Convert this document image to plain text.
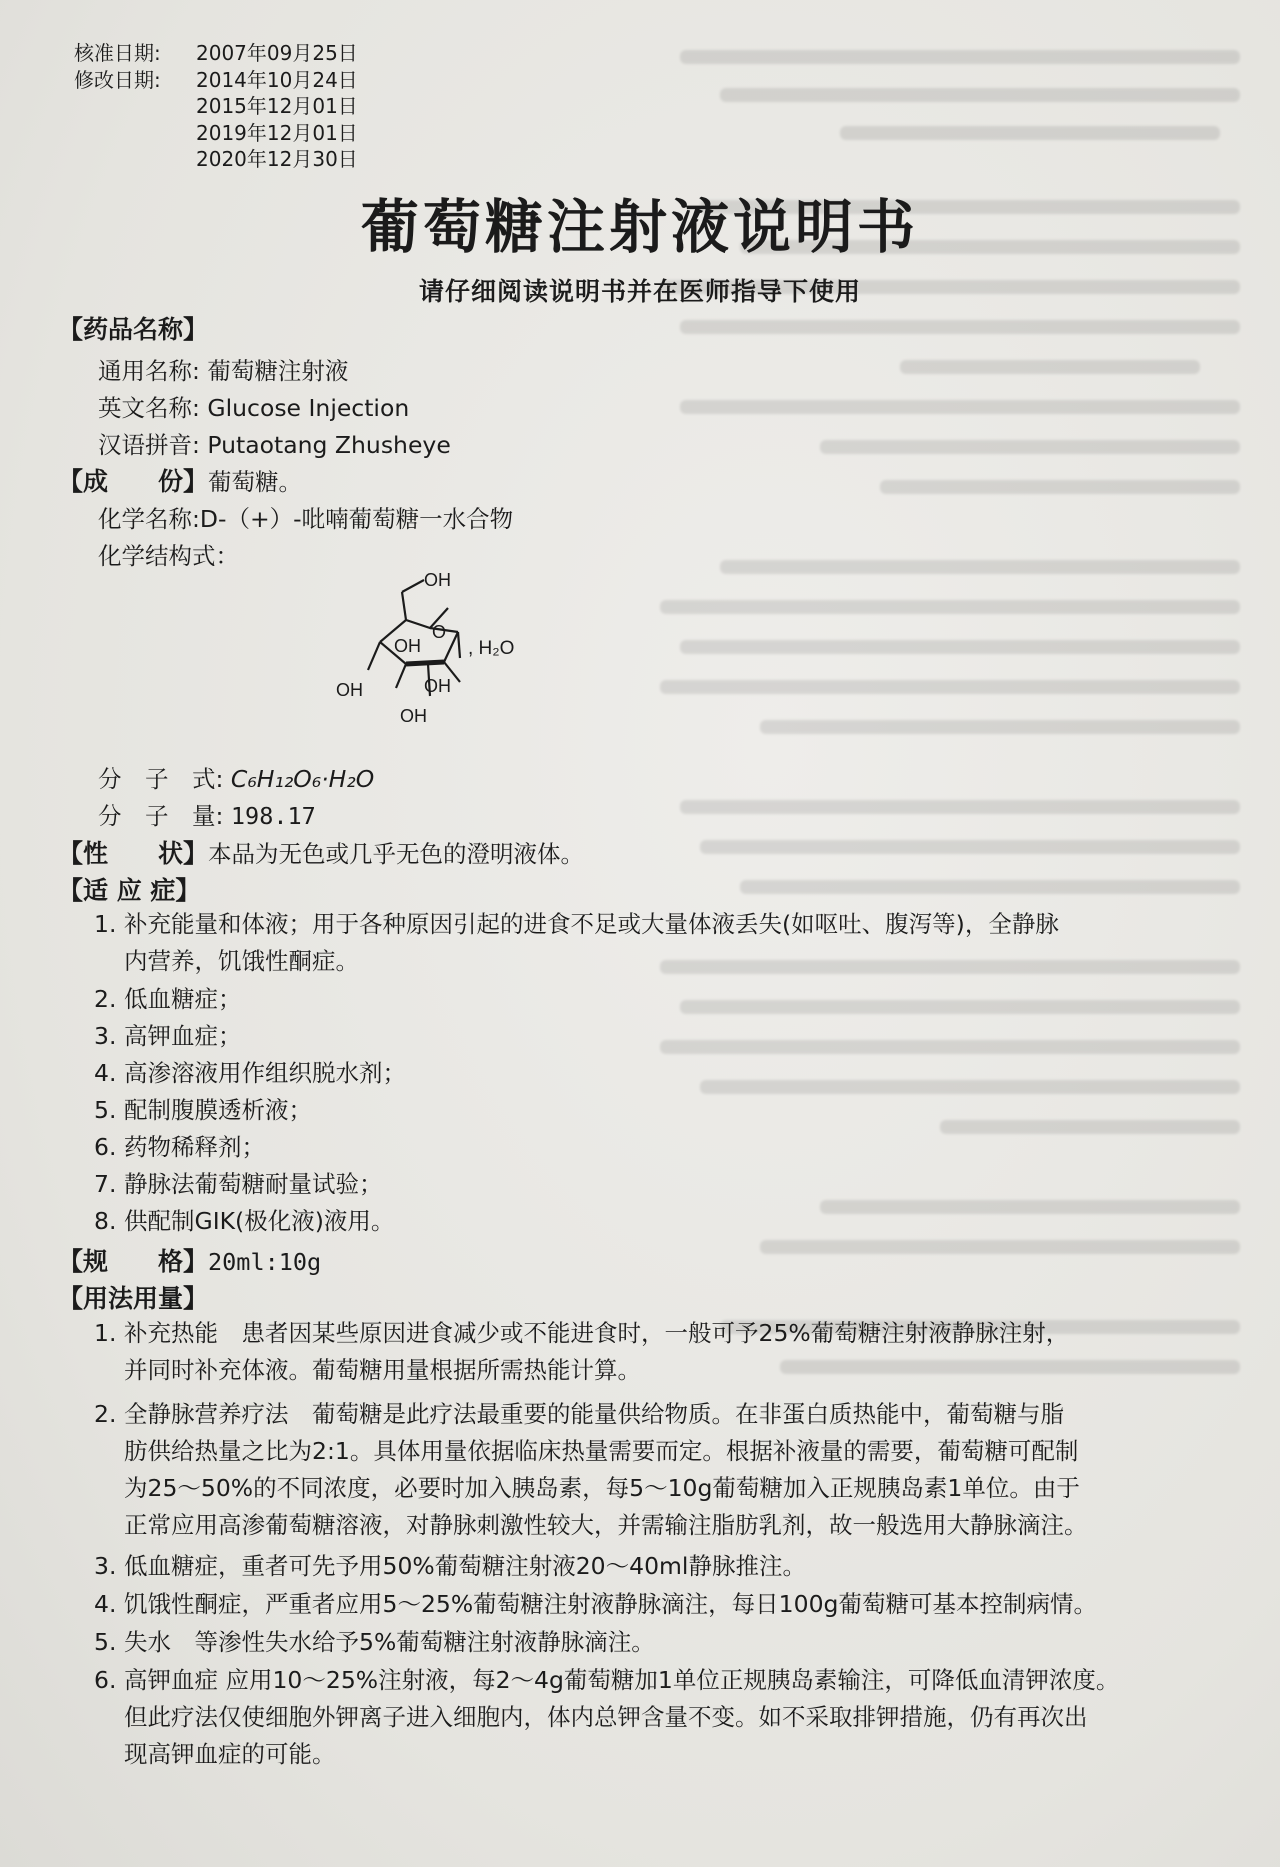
核准日期:	2007年09月25日
修改日期:	2014年10月24日
2015年12月01日
2019年12月01日
2020年12月30日
葡萄糖注射液说明书
请仔细阅读说明书并在医师指导下使用
【药品名称】
通用名称: 葡萄糖注射液
英文名称: Glucose Injection
汉语拼音: Putaotang Zhusheye
【成　　份】葡萄糖。
化学名称:D-（+）-吡喃葡萄糖一水合物
化学结构式：
O
OH
OH , H₂O
OH	OH
OH
分　子　式: C₆H₁₂O₆·H₂O
分　子　量: 198.17
【性　　状】本品为无色或几乎无色的澄明液体。
【适 应 症】
1. 补充能量和体液；用于各种原因引起的进食不足或大量体液丢失(如呕吐、腹泻等)，全静脉
内营养，饥饿性酮症。
2. 低血糖症；
3. 高钾血症；
4. 高渗溶液用作组织脱水剂；
5. 配制腹膜透析液；
6. 药物稀释剂；
7. 静脉法葡萄糖耐量试验；
8. 供配制GIK(极化液)液用。
【规　　格】20ml:10g
【用法用量】
1. 补充热能　患者因某些原因进食减少或不能进食时，一般可予25%葡萄糖注射液静脉注射，
并同时补充体液。葡萄糖用量根据所需热能计算。
2. 全静脉营养疗法　葡萄糖是此疗法最重要的能量供给物质。在非蛋白质热能中，葡萄糖与脂
肪供给热量之比为2:1。具体用量依据临床热量需要而定。根据补液量的需要，葡萄糖可配制
为25～50%的不同浓度，必要时加入胰岛素，每5～10g葡萄糖加入正规胰岛素1单位。由于
正常应用高渗葡萄糖溶液，对静脉刺激性较大，并需输注脂肪乳剂，故一般选用大静脉滴注。
3. 低血糖症，重者可先予用50%葡萄糖注射液20～40ml静脉推注。
4. 饥饿性酮症，严重者应用5～25%葡萄糖注射液静脉滴注，每日100g葡萄糖可基本控制病情。
5. 失水　等渗性失水给予5%葡萄糖注射液静脉滴注。
6. 高钾血症 应用10～25%注射液，每2～4g葡萄糖加1单位正规胰岛素输注，可降低血清钾浓度。
但此疗法仅使细胞外钾离子进入细胞内，体内总钾含量不变。如不采取排钾措施，仍有再次出
现高钾血症的可能。
